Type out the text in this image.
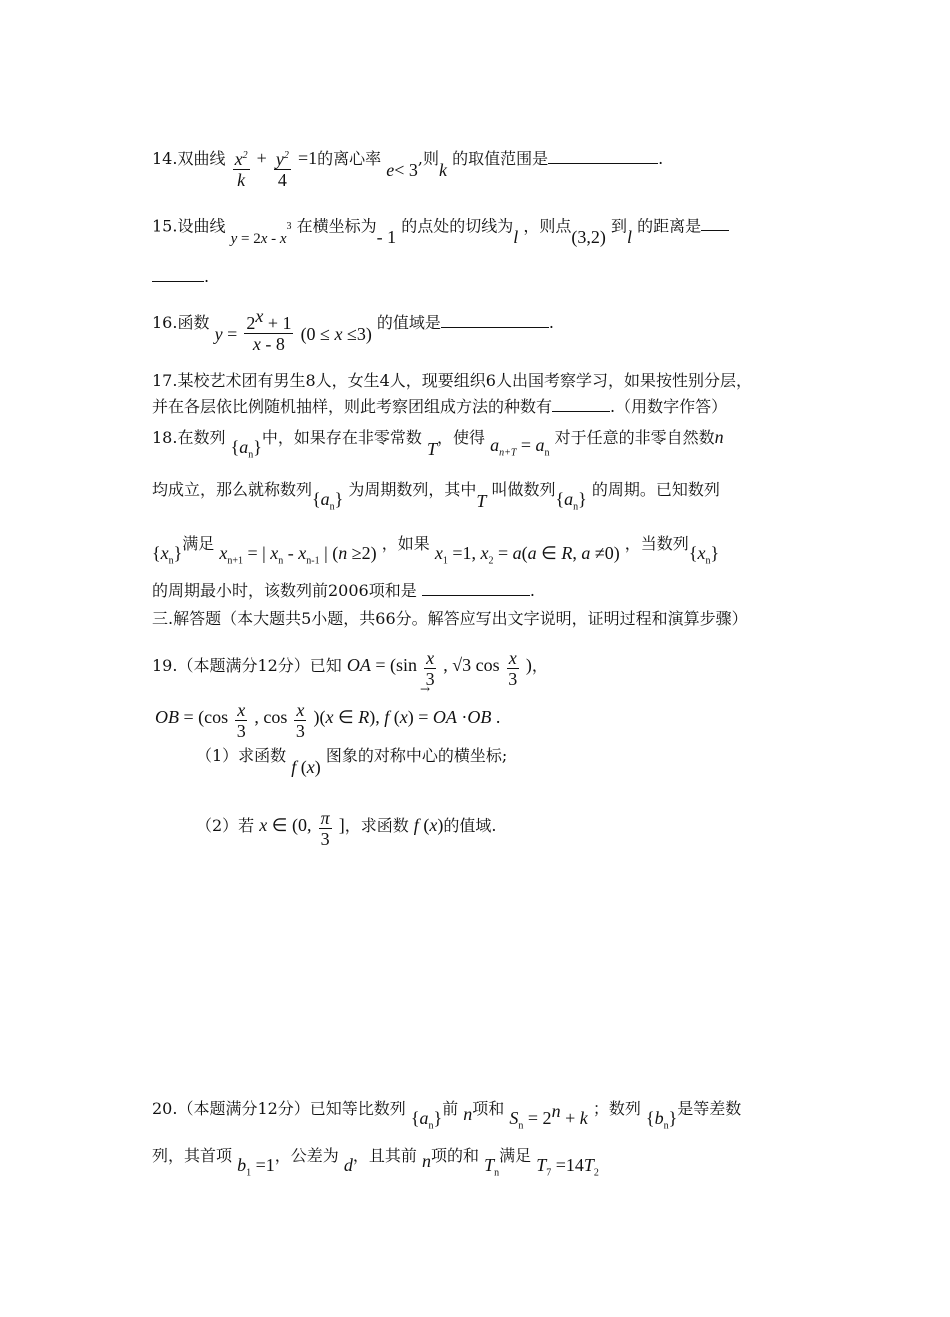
14.双曲线 $\frac{x^2}{k} + \frac{y^2}{4} =1$的离心率 e< 3,则k 的取值范围是	.
15.设曲线 $y = 2x - x^3$ 在横坐标为- 1 的点处的切线为l ，则点(3,2) 到l 的距离是
.
16.函数 $y = \frac{2^x + 1}{x - 8} (0 \le x \le 3)$ 的值域是	.
17.某校艺术团有男生8人，女生4人，现要组织6人出国考察学习，如果按性别分层，
并在各层依比例随机抽样，则此考察团组成方法的种数有	.（用数字作答）
18.在数列 $\{a_n\}$中，如果存在非零常数 T，使得 $a_{n+T} = a_n$ 对于任意的非零自然数n
均成立，那么就称数列$\{a_n\}$ 为周期数列，其中T 叫做数列$\{a_n\}$ 的周期。已知数列
$\{x_n\}$满足 $x_{n+1}$ = | $x_n - x_{n-1}$ | (n ≥2) ，如果 $x_1 =1$, $x_2 = a(a$ ∈ R, a ≠0) ，当数列$\{x_n\}$
的周期最小时，该数列前2006项和是	.
三.解答题（本大题共5小题，共66分。解答应写出文字说明，证明过程和演算步骤）
19.（本题满分12分）已知 OA = ($\sin \frac{x}{3}$ , √3 $\cos \frac{x}{3}$ )，
→
OB = ($\cos \frac{x}{3}$ , $\cos \frac{x}{3} )(x$ ∈ R), f (x) = OA ·OB .
（1）求函数 f (x) 图象的对称中心的横坐标;
（2）若 x ∈ (0, $\frac{\pi}{3}$ ]，求函数 f (x)的值域.
20.（本题满分12分）已知等比数列 $\{a_n\}$前 n项和 $S_n = 2^n + k$ ；数列 $\{b_n\}$是等差数
列，其首项 $b_1 =1$，公差为 d，且其前 n项的和 $T_n$满足 $T_7 =14T_2$
